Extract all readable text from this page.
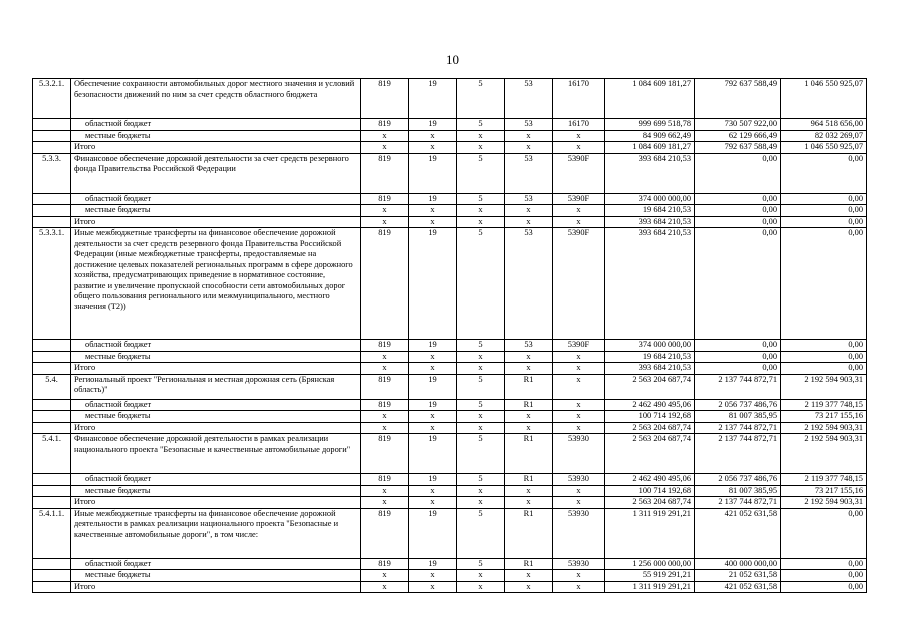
10
5.3.2.1.	Обеспечение сохранности автомобильных дорог местного значения и условий безопасности движений по ним за счет средств областного бюджета	819	19	5	53	16170	1 084 609 181,27	792 637 588,49	1 046 550 925,07
	областной бюджет	819	19	5	53	16170	999 699 518,78	730 507 922,00	964 518 656,00
	местные бюджеты	x	x	x	x	x	84 909 662,49	62 129 666,49	82 032 269,07
	Итого	x	x	x	x	x	1 084 609 181,27	792 637 588,49	1 046 550 925,07
5.3.3.	Финансовое обеспечение дорожной деятельности за счет средств резервного фонда Правительства Российской Федерации	819	19	5	53	5390F	393 684 210,53	0,00	0,00
	областной бюджет	819	19	5	53	5390F	374 000 000,00	0,00	0,00
	местные бюджеты	x	x	x	x	x	19 684 210,53	0,00	0,00
	Итого	x	x	x	x	x	393 684 210,53	0,00	0,00
5.3.3.1.	Иные межбюджетные трансферты на финансовое обеспечение дорожной деятельности за счет средств резервного фонда Правительства Российской Федерации (иные межбюджетные трансферты, предоставляемые на достижение целевых показателей региональных программ в сфере дорожного хозяйства, предусматривающих приведение в нормативное состояние, развитие и увеличение пропускной способности сети автомобильных дорог общего пользования регионального или межмуниципального, местного значения (Т2))	819	19	5	53	5390F	393 684 210,53	0,00	0,00
	областной бюджет	819	19	5	53	5390F	374 000 000,00	0,00	0,00
	местные бюджеты	x	x	x	x	x	19 684 210,53	0,00	0,00
	Итого	x	x	x	x	x	393 684 210,53	0,00	0,00
5.4.	Региональный проект "Региональная и местная дорожная сеть (Брянская область)"	819	19	5	R1	x	2 563 204 687,74	2 137 744 872,71	2 192 594 903,31
	областной бюджет	819	19	5	R1	x	2 462 490 495,06	2 056 737 486,76	2 119 377 748,15
	местные бюджеты	x	x	x	x	x	100 714 192,68	81 007 385,95	73 217 155,16
	Итого	x	x	x	x	x	2 563 204 687,74	2 137 744 872,71	2 192 594 903,31
5.4.1.	Финансовое обеспечение дорожной деятельности в рамках реализации национального проекта "Безопасные и качественные автомобильные дороги"	819	19	5	R1	53930	2 563 204 687,74	2 137 744 872,71	2 192 594 903,31
	областной бюджет	819	19	5	R1	53930	2 462 490 495,06	2 056 737 486,76	2 119 377 748,15
	местные бюджеты	x	x	x	x	x	100 714 192,68	81 007 385,95	73 217 155,16
	Итого	x	x	x	x	x	2 563 204 687,74	2 137 744 872,71	2 192 594 903,31
5.4.1.1.	Иные межбюджетные трансферты на финансовое обеспечение дорожной деятельности в рамках реализации национального проекта "Безопасные и качественные автомобильные дороги", в том числе:	819	19	5	R1	53930	1 311 919 291,21	421 052 631,58	0,00
	областной бюджет	819	19	5	R1	53930	1 256 000 000,00	400 000 000,00	0,00
	местные бюджеты	x	x	x	x	x	55 919 291,21	21 052 631,58	0,00
	Итого	x	x	x	x	x	1 311 919 291,21	421 052 631,58	0,00
